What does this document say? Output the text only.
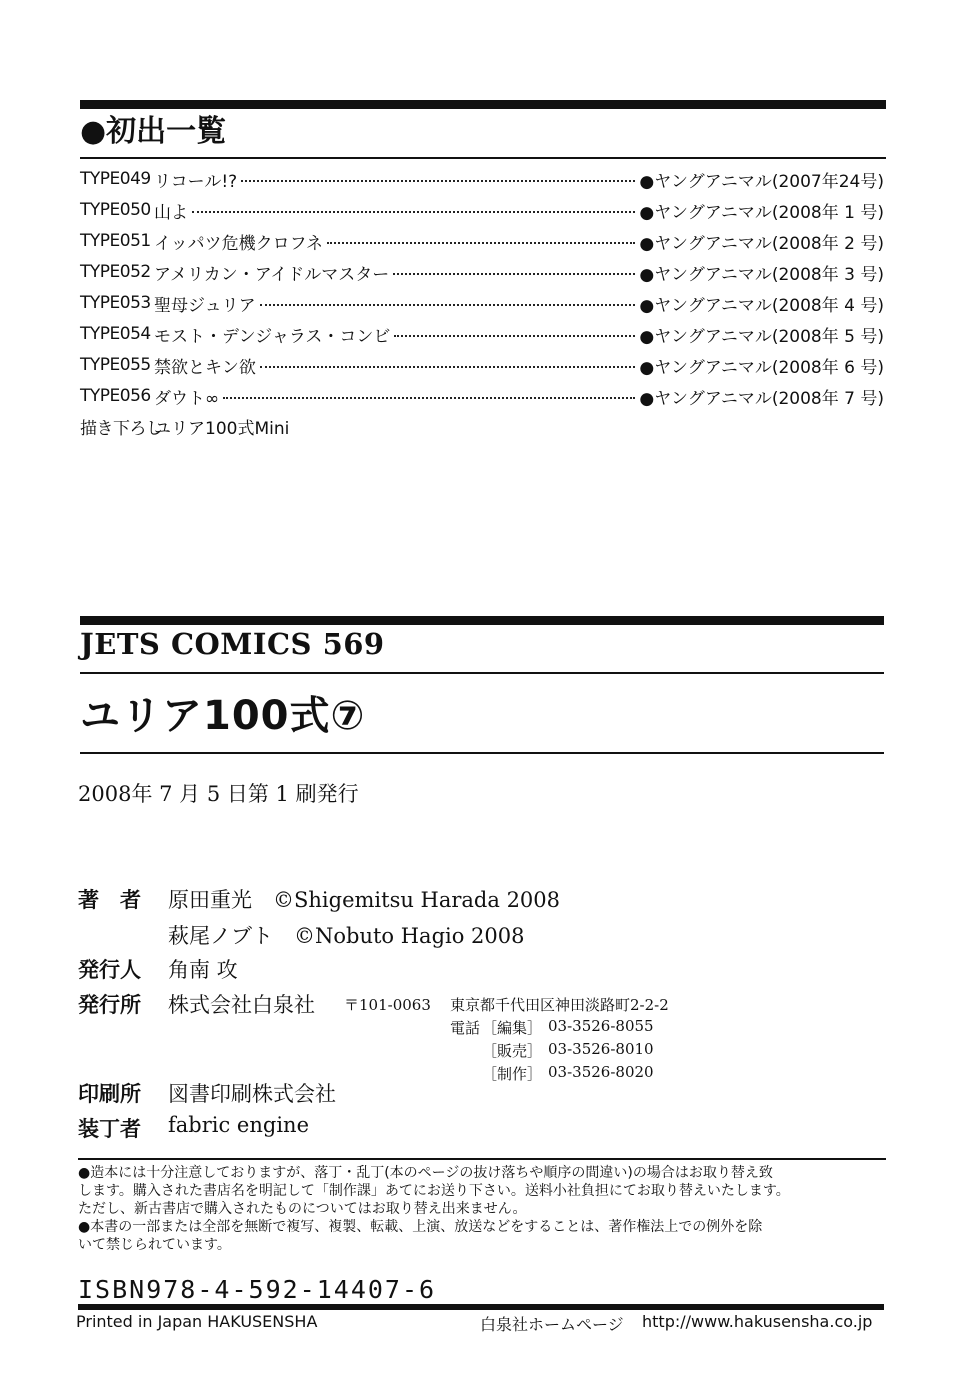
●初出一覧
TYPE049 リコール!?	●ヤングアニマル(2007年24号)
TYPE050 山よ	●ヤングアニマル(2008年 1 号)
TYPE051 イッパツ危機クロフネ	●ヤングアニマル(2008年 2 号)
TYPE052 アメリカン・アイドルマスター	●ヤングアニマル(2008年 3 号)
TYPE053 聖母ジュリア	●ヤングアニマル(2008年 4 号)
TYPE054 モスト・デンジャラス・コンビ	●ヤングアニマル(2008年 5 号)
TYPE055 禁欲とキン欲	●ヤングアニマル(2008年 6 号)
TYPE056 ダウト∞	●ヤングアニマル(2008年 7 号)
描き下ろし
ユリア100式Mini
JETS COMICS 569
ユリア100式⑦
2008年 7 月 5 日第 1 刷発行
著　者 原田重光　©Shigemitsu Harada 2008
萩尾ノブト　©Nobuto Hagio 2008
発行人 角南 攻
発行所 株式会社白泉社 〒101-0063 東京都千代田区神田淡路町2-2-2
電話 ［編集］ 03-3526-8055
［販売］ 03-3526-8010
［制作］ 03-3526-8020
印刷所 図書印刷株式会社
装丁者 fabric engine

●造本には十分注意しておりますが、落丁・乱丁(本のページの抜け落ちや順序の間違い)の場合はお取り替え致

します。購入された書店名を明記して「制作課」あてにお送り下さい。送料小社負担にてお取り替えいたします。

ただし、新古書店で購入されたものについてはお取り替え出来ません。

●本書の一部または全部を無断で複写、複製、転載、上演、放送などをすることは、著作権法上での例外を除

いて禁じられています。

ISBN978-4-592-14407-6
Printed in Japan HAKUSENSHA	白泉社ホームページ http://www.hakusensha.co.jp
